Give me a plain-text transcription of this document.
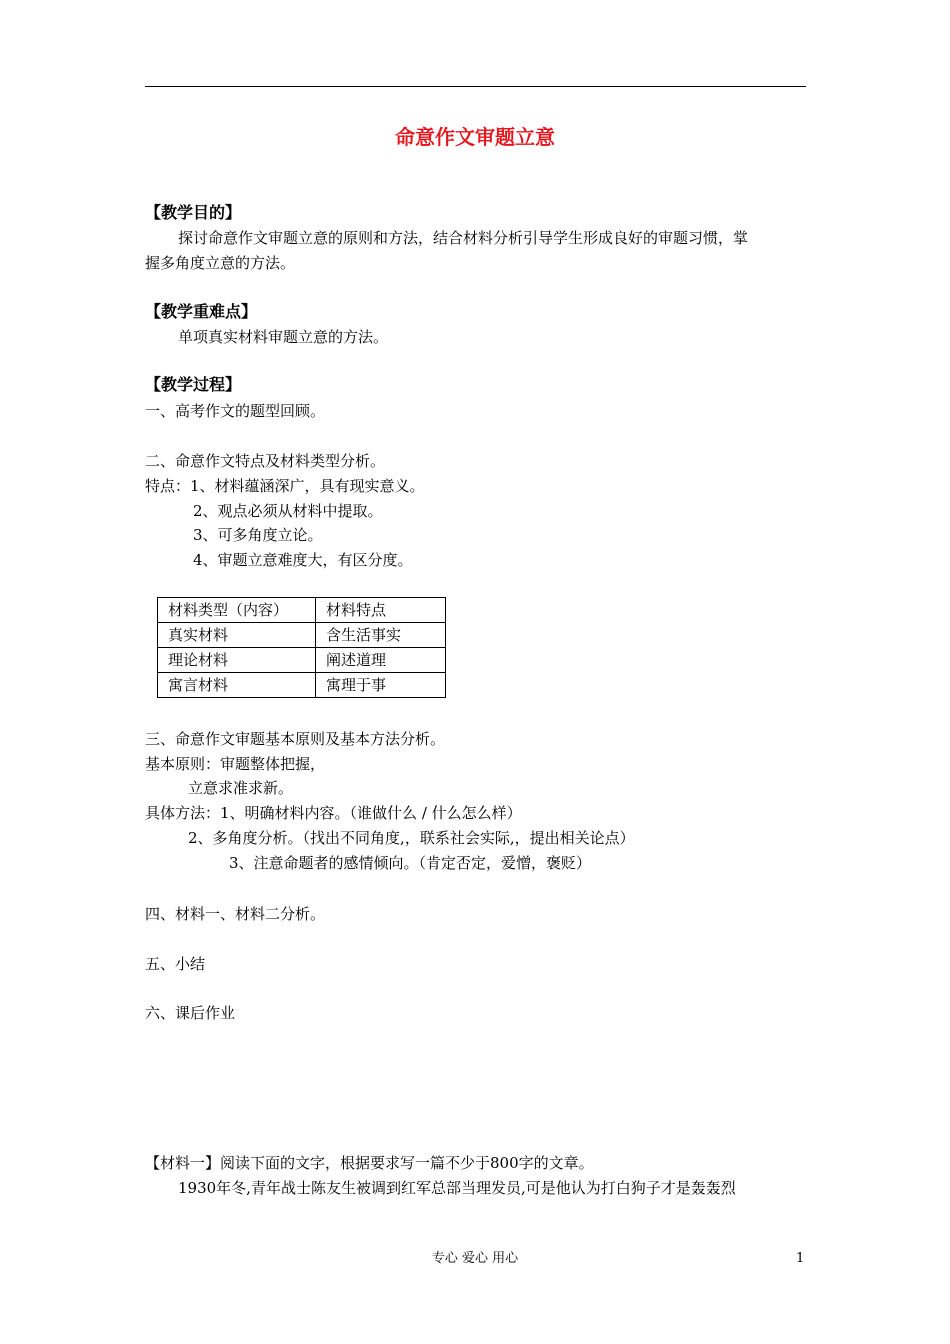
命意作文审题立意
【教学目的】
探讨命意作文审题立意的原则和方法，结合材料分析引导学生形成良好的审题习惯，掌
握多角度立意的方法。
【教学重难点】
单项真实材料审题立意的方法。
【教学过程】
一、高考作文的题型回顾。
二、命意作文特点及材料类型分析。
特点：1、材料蕴涵深广，具有现实意义。
2、观点必须从材料中提取。
3、可多角度立论。
4、审题立意难度大，有区分度。
材料类型（内容）	材料特点
真实材料	含生活事实
理论材料	阐述道理
寓言材料	寓理于事
三、命意作文审题基本原则及基本方法分析。
基本原则：审题整体把握，
立意求准求新。
具体方法：1、明确材料内容。（谁做什么 / 什么怎么样）
2、多角度分析。（找出不同角度,，联系社会实际,，提出相关论点）
3、注意命题者的感情倾向。（肯定否定，爱憎，褒贬）
四、材料一、材料二分析。
五、小结
六、课后作业
【材料一】阅读下面的文字，根据要求写一篇不少于800字的文章。
1930年冬,青年战士陈友生被调到红军总部当理发员,可是他认为打白狗子才是轰轰烈
专心 爱心 用心	1
